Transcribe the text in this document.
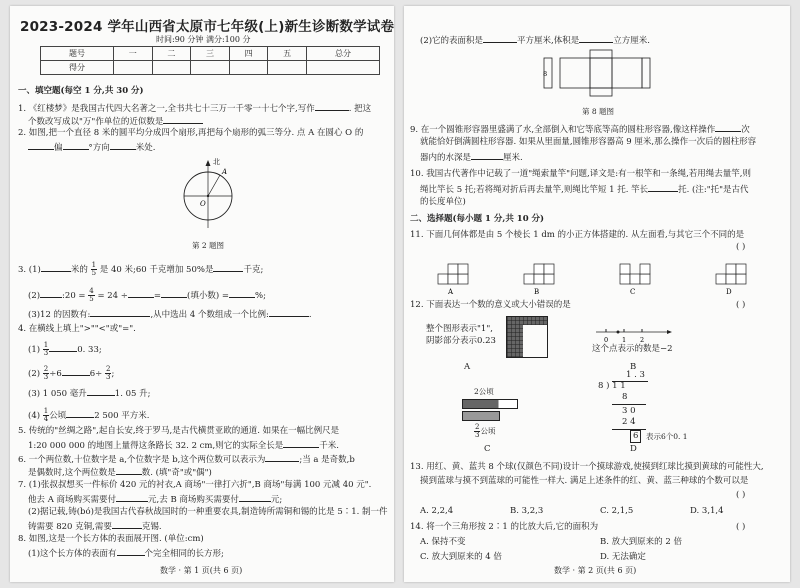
2023-2024 学年山西省太原市七年级(上)新生诊断数学试卷
时间:90 分钟 满分:100 分
题号	一	二	三	四	五	总分
得分						
一、填空题(每空 1 分,共 30 分)
1. 《红楼梦》是我国古代四大名著之一,全书共七十三万一千零一十七个字,写作	. 把这
个数改写成以"万"作单位的近似数是
2. 如图,把一个直径 8 米的圆平均分成四个扇形,再把每个扇形的弧三等分. 点 A 在圆心 O 的
偏	°方向	米处.
北
A
O
第 2 题图
3. (1)	米的 $\frac{1}{5}$ 是 40 米;60 千克增加 50%是	千克;
(2)	:20 = $\frac{4}{5} = 24$ ÷	=	(填小数) =	%;
(3)12 的因数有:	,从中选出 4 个数组成一个比例:	.
4. 在横线上填上">""<"或"=".
$(1) \frac{1}{3}$	0. 33;
$(2) \frac{2}{3} \div 6$	$6\div \frac{2}{3}$ ;
(3) 1 050 毫升	1. 05 升;
$(4) \frac{1}{4}$ 公顷	2 500 平方米.
5. 传统的"丝绸之路",起自长安,终于罗马,是古代横贯亚欧的通道. 如果在一幅比例尺是
1:20 000 000 的地图上量得这条路长 32. 2 cm,则它的实际全长是	千米.
6. 一个两位数,十位数字是 a,个位数字是 b,这个两位数可以表示为	;当 a 是奇数,b
是偶数时,这个两位数是	数. (填"奇"或"偶")
7. (1)张叔叔想买一件标价 420 元的衬衣,A 商场"一律打六折",B 商场"每满 100 元减 40 元".
他去 A 商场购买需要付	元,去 B 商场购买需要付	元;
(2)据记载,铸(bó)是我国古代春秋战国时的一种重要农具,制造铸所需铜和锡的比是 5∶1. 制一件
铸需要 820 克铜,需要	克锡.
8. 如图,这是一个长方体的表面展开图. (单位:cm)
(1)这个长方体的表面有	个完全相同的长方形;
数学 · 第 1 页(共 6 页)
(2)它的表面积是	平方厘米,体积是	立方厘米.
8
第 8 题图
9. 在一个圆锥形容器里盛满了水,全部倒入和它等底等高的圆柱形容器,像这样操作	次
就能恰好倒满圆柱形容器. 如果从里面量,圆锥形容器高 9 厘米,那么操作一次后的圆柱形容
器内的水深是	厘米.
10. 我国古代著作中记载了一道"绳索量竿"问题,译文是:有一根竿和一条绳,若用绳去量竿,则
绳比竿长 5 托;若将绳对折后再去量竿,则绳比竿短 1 托. 竿长	托. (注:"托"是古代
的长度单位)
二、选择题(每小题 1 分,共 10 分)
11. 下面几何体都是由 5 个棱长 1 dm 的小正方体搭建的. 从左面看,与其它三个不同的是
( )
A	B	C	D
12. 下面表达一个数的意义或大小错误的是	( )
整个图形表示"1",
阴影部分表示0.23
A
0 1 2
这个点表示的数是−2
B
2公顷
$\frac{2}{3}$ 公顷
C
1 . 3
8 ) 1 1
8
3 0
2 4
6	表示6个0. 1
D
13. 用红、黄、蓝共 8 个球(仅颜色不同)设计一个摸球游戏,使摸到红球比摸到黄球的可能性大,
摸到蓝球与摸不到蓝球的可能性一样大. 满足上述条件的红、黄、蓝三种球的个数可以是
( )
A. 2,2,4	B. 3,2,3	C. 2,1,5	D. 3,1,4
14. 将一个三角形按 2∶1 的比放大后,它的面积为	( )
A. 保持不变	B. 放大到原来的 2 倍
C. 放大到原来的 4 倍	D. 无法确定
数学 · 第 2 页(共 6 页)
